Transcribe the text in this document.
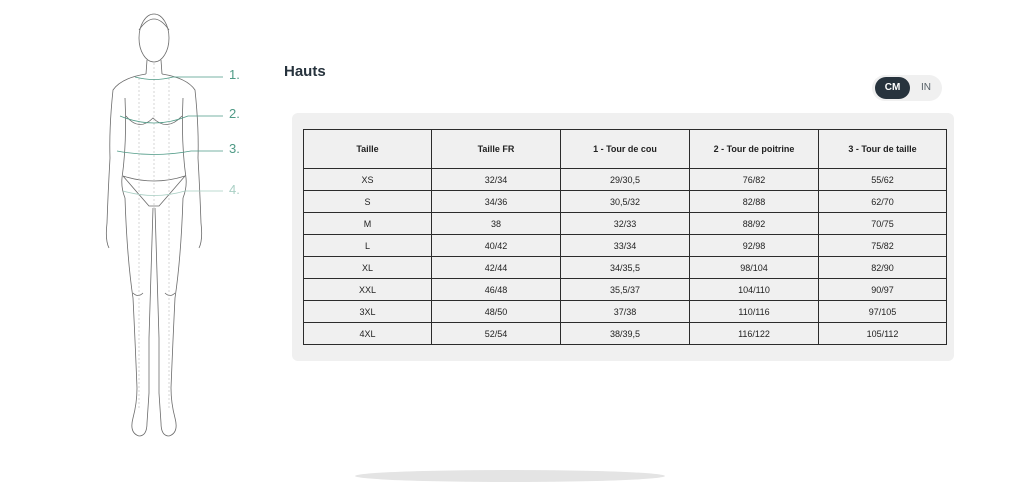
1.
2.
3.
4.
Hauts
CM	IN
Taille	Taille FR	1 - Tour de cou	2 - Tour de poitrine	3 - Tour de taille
XS	32/34	29/30,5	76/82	55/62
S	34/36	30,5/32	82/88	62/70
M	38	32/33	88/92	70/75
L	40/42	33/34	92/98	75/82
XL	42/44	34/35,5	98/104	82/90
XXL	46/48	35,5/37	104/110	90/97
3XL	48/50	37/38	110/116	97/105
4XL	52/54	38/39,5	116/122	105/112
